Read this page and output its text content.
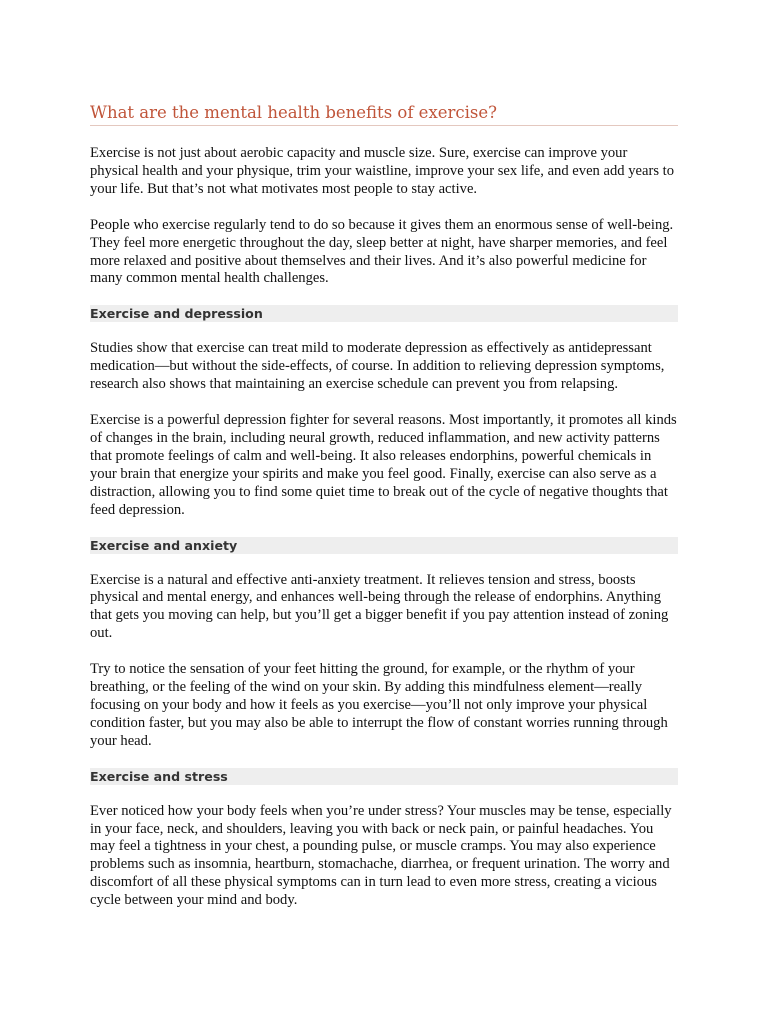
What are the mental health benefits of exercise?

Exercise is not just about aerobic capacity and muscle size. Sure, exercise can improve your physical health and your physique, trim your waistline, improve your sex life, and even add years to your life. But that’s not what motivates most people to stay active.

People who exercise regularly tend to do so because it gives them an enormous sense of well-being. They feel more energetic throughout the day, sleep better at night, have sharper memories, and feel more relaxed and positive about themselves and their lives. And it’s also powerful medicine for many common mental health challenges.

Exercise and depression

Studies show that exercise can treat mild to moderate depression as effectively as antidepressant medication—but without the side-effects, of course. In addition to relieving depression symptoms, research also shows that maintaining an exercise schedule can prevent you from relapsing.

Exercise is a powerful depression fighter for several reasons. Most importantly, it promotes all kinds of changes in the brain, including neural growth, reduced inflammation, and new activity patterns that promote feelings of calm and well-being. It also releases endorphins, powerful chemicals in your brain that energize your spirits and make you feel good. Finally, exercise can also serve as a distraction, allowing you to find some quiet time to break out of the cycle of negative thoughts that feed depression.

Exercise and anxiety

Exercise is a natural and effective anti-anxiety treatment. It relieves tension and stress, boosts physical and mental energy, and enhances well-being through the release of endorphins. Anything that gets you moving can help, but you’ll get a bigger benefit if you pay attention instead of zoning out.

Try to notice the sensation of your feet hitting the ground, for example, or the rhythm of your breathing, or the feeling of the wind on your skin. By adding this mindfulness element—really focusing on your body and how it feels as you exercise—you’ll not only improve your physical condition faster, but you may also be able to interrupt the flow of constant worries running through your head.

Exercise and stress

Ever noticed how your body feels when you’re under stress? Your muscles may be tense, especially in your face, neck, and shoulders, leaving you with back or neck pain, or painful headaches. You may feel a tightness in your chest, a pounding pulse, or muscle cramps. You may also experience problems such as insomnia, heartburn, stomachache, diarrhea, or frequent urination. The worry and discomfort of all these physical symptoms can in turn lead to even more stress, creating a vicious cycle between your mind and body.
